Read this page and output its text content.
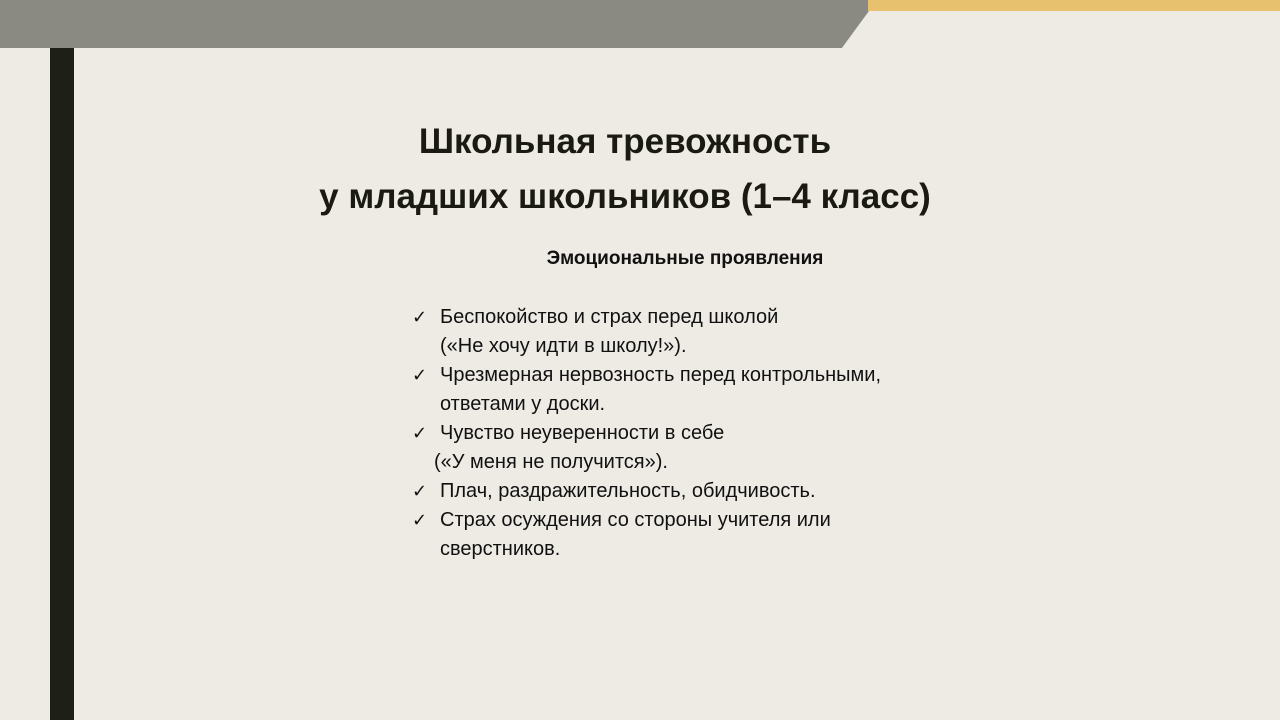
Школьная тревожность
у младших школьников (1–4 класс)
Эмоциональные проявления
✓ Беспокойство и страх перед школой
(«Не хочу идти в школу!»).
✓ Чрезмерная нервозность перед контрольными,
ответами у доски.
✓ Чувство неуверенности в себе
(«У меня не получится»).
✓ Плач, раздражительность, обидчивость.
✓ Страх осуждения со стороны учителя или
сверстников.
